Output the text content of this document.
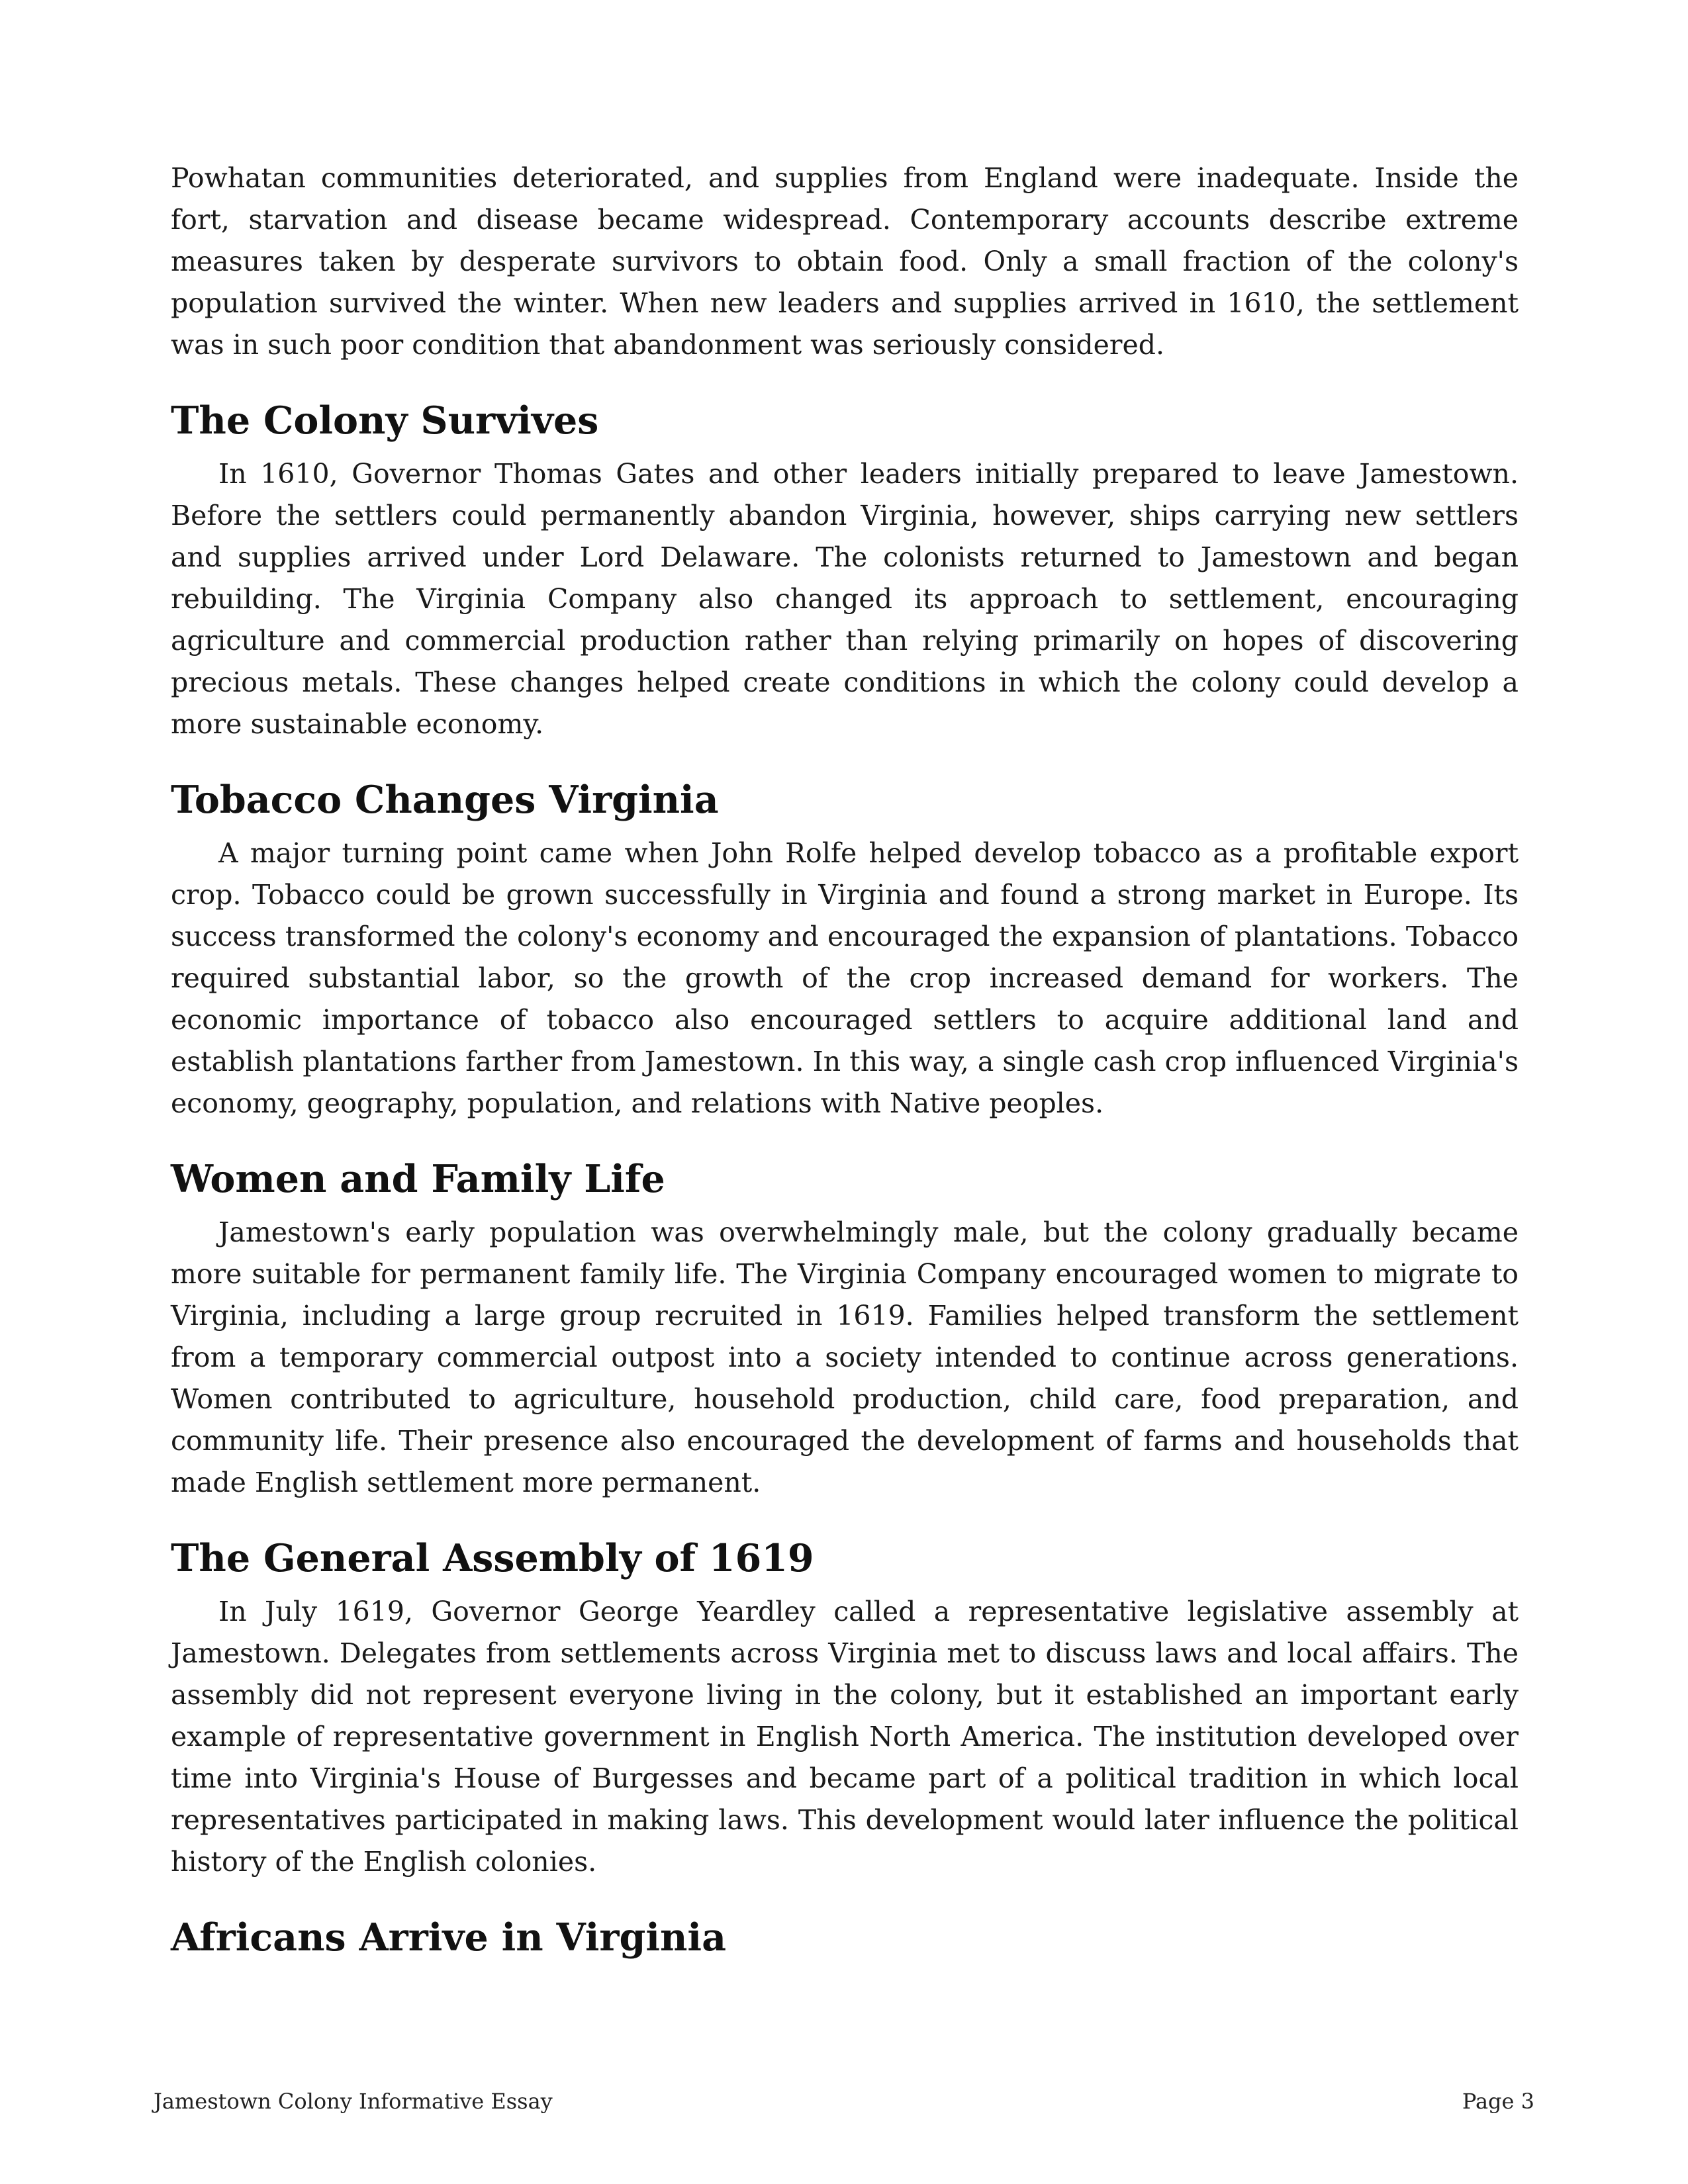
Powhatan communities deteriorated, and supplies from England were inadequate. Inside the fort, starvation and disease became widespread. Contemporary accounts describe extreme measures taken by desperate survivors to obtain food. Only a small fraction of the colony's population survived the winter. When new leaders and supplies arrived in 1610, the settlement was in such poor condition that abandonment was seriously considered.

The Colony Survives

In 1610, Governor Thomas Gates and other leaders initially prepared to leave Jamestown. Before the settlers could permanently abandon Virginia, however, ships carrying new settlers and supplies arrived under Lord Delaware. The colonists returned to Jamestown and began rebuilding. The Virginia Company also changed its approach to settlement, encouraging agriculture and commercial production rather than relying primarily on hopes of discovering precious metals. These changes helped create conditions in which the colony could develop a more sustainable economy.

Tobacco Changes Virginia

A major turning point came when John Rolfe helped develop tobacco as a profitable export crop. Tobacco could be grown successfully in Virginia and found a strong market in Europe. Its success transformed the colony's economy and encouraged the expansion of plantations. Tobacco required substantial labor, so the growth of the crop increased demand for workers. The economic importance of tobacco also encouraged settlers to acquire additional land and establish plantations farther from Jamestown. In this way, a single cash crop influenced Virginia's economy, geography, population, and relations with Native peoples.

Women and Family Life

Jamestown's early population was overwhelmingly male, but the colony gradually became more suitable for permanent family life. The Virginia Company encouraged women to migrate to Virginia, including a large group recruited in 1619. Families helped transform the settlement from a temporary commercial outpost into a society intended to continue across generations. Women contributed to agriculture, household production, child care, food preparation, and community life. Their presence also encouraged the development of farms and households that made English settlement more permanent.

The General Assembly of 1619

In July 1619, Governor George Yeardley called a representative legislative assembly at Jamestown. Delegates from settlements across Virginia met to discuss laws and local affairs. The assembly did not represent everyone living in the colony, but it established an important early example of representative government in English North America. The institution developed over time into Virginia's House of Burgesses and became part of a political tradition in which local representatives participated in making laws. This development would later influence the political history of the English colonies.

Africans Arrive in Virginia
Jamestown Colony Informative Essay	Page 3
